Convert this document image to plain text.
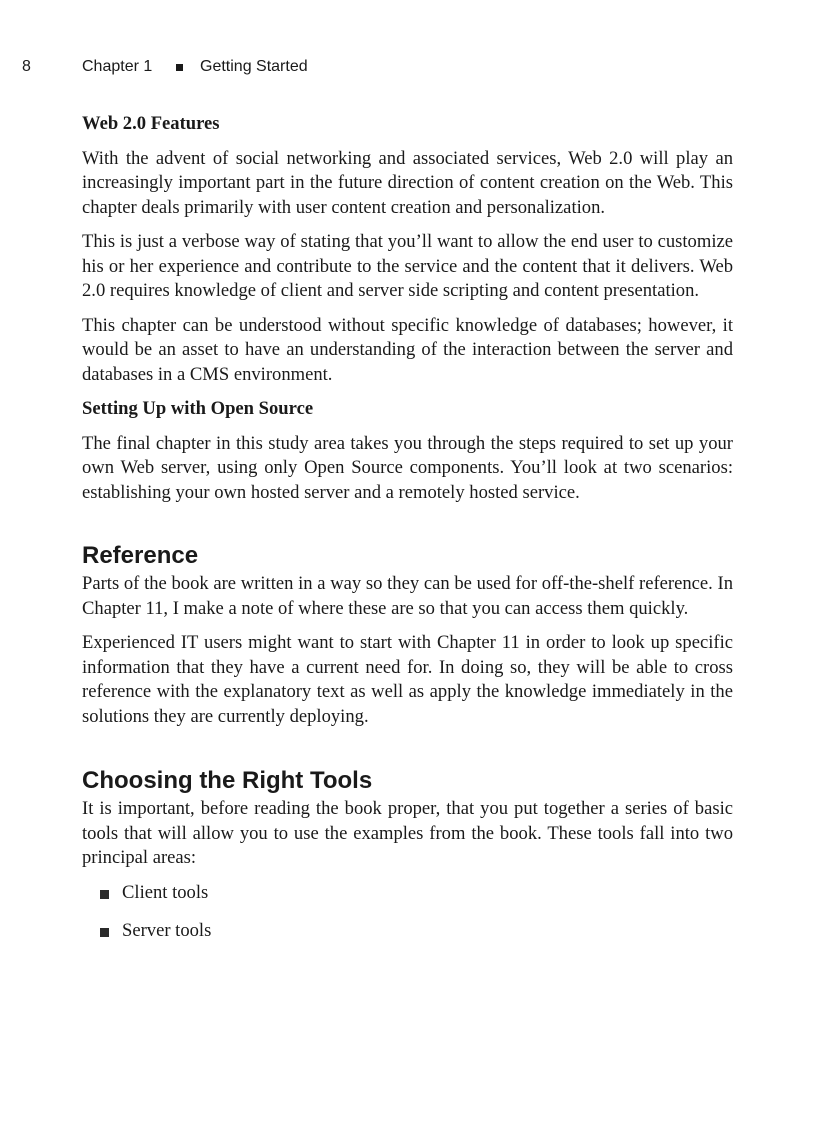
8	Chapter 1	Getting Started
Web 2.0 Features

With the advent of social networking and associated services, Web 2.0 will play an increasingly important part in the future direction of content creation on the Web. This chapter deals primarily with user content creation and personalization.

This is just a verbose way of stating that you’ll want to allow the end user to customize his or her experience and contribute to the service and the content that it delivers. Web 2.0 requires knowledge of client and server side scripting and content presentation.

This chapter can be understood without specific knowledge of databases; however, it would be an asset to have an understanding of the interaction between the server and databases in a CMS environment.

Setting Up with Open Source

The final chapter in this study area takes you through the steps required to set up your own Web server, using only Open Source components. You’ll look at two scenarios: establishing your own hosted server and a remotely hosted service.

Reference

Parts of the book are written in a way so they can be used for off-the-shelf reference. In Chapter 11, I make a note of where these are so that you can access them quickly.

Experienced IT users might want to start with Chapter 11 in order to look up specific information that they have a current need for. In doing so, they will be able to cross reference with the explanatory text as well as apply the knowledge immediately in the solutions they are currently deploying.

Choosing the Right Tools

It is important, before reading the book proper, that you put together a series of basic tools that will allow you to use the examples from the book. These tools fall into two principal areas:

Client tools
Server tools
